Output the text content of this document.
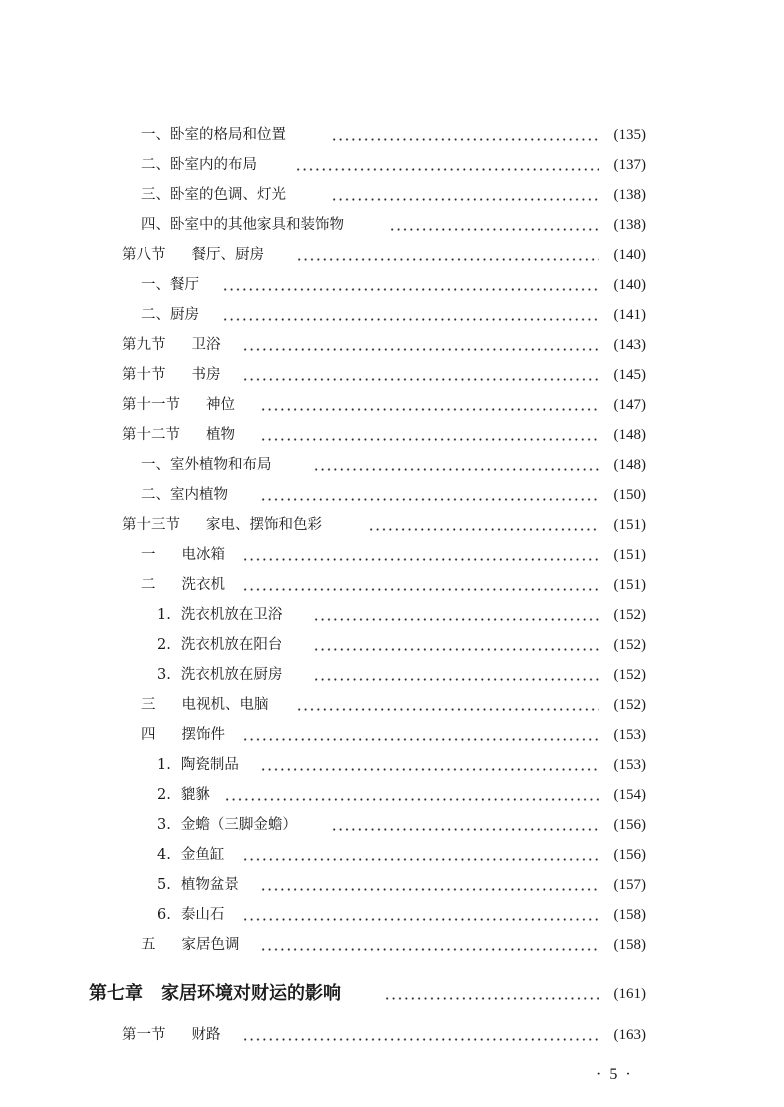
一、卧室的格局和位置	(135)
二、卧室内的布局	(137)
三、卧室的色调、灯光	(138)
四、卧室中的其他家具和装饰物	(138)
第八节 餐厅、厨房	(140)
一、餐厅	(140)
二、厨房	(141)
第九节 卫浴	(143)
第十节 书房	(145)
第十一节 神位	(147)
第十二节 植物	(148)
一、室外植物和布局	(148)
二、室内植物	(150)
第十三节 家电、摆饰和色彩	(151)
一 电冰箱	(151)
二 洗衣机	(151)
1. 洗衣机放在卫浴	(152)
2. 洗衣机放在阳台	(152)
3. 洗衣机放在厨房	(152)
三 电视机、电脑	(152)
四 摆饰件	(153)
1. 陶瓷制品	(153)
2. 貔貅	(154)
3. 金蟾（三脚金蟾）	(156)
4. 金鱼缸	(156)
5. 植物盆景	(157)
6. 泰山石	(158)
五 家居色调	(158)
第七章 家居环境对财运的影响	(161)
第一节 财路	(163)
· 5 ·
